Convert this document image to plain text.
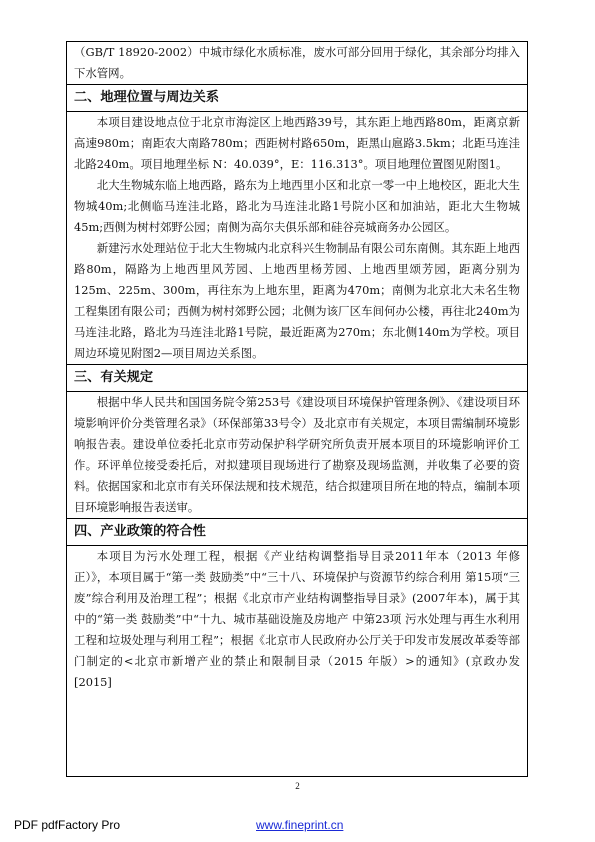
（GB/T 18920-2002）中城市绿化水质标准，废水可部分回用于绿化，其余部分均排入下水管网。

二、地理位置与周边关系

本项目建设地点位于北京市海淀区上地西路39号，其东距上地西路80m，距离京新高速980m；南距农大南路780m；西距树村路650m，距黑山扈路3.5km；北距马连洼北路240m。项目地理坐标 N：40.039°，E：116.313°。项目地理位置图见附图1。

北大生物城东临上地西路，路东为上地西里小区和北京一零一中上地校区，距北大生物城40m;北侧临马连洼北路，路北为马连洼北路1号院小区和加油站，距北大生物城45m;西侧为树村郊野公园；南侧为高尔夫俱乐部和硅谷亮城商务办公园区。

新建污水处理站位于北大生物城内北京科兴生物制品有限公司东南侧。其东距上地西路80m，隔路为上地西里风芳园、上地西里杨芳园、上地西里颂芳园，距离分别为125m、225m、300m，再往东为上地东里，距离为470m；南侧为北京北大未名生物工程集团有限公司；西侧为树村郊野公园；北侧为该厂区车间何办公楼，再往北240m为马连洼北路，路北为马连洼北路1号院，最近距离为270m；东北侧140m为学校。项目周边环境见附图2—项目周边关系图。

三、有关规定

根据中华人民共和国国务院令第253号《建设项目环境保护管理条例》、《建设项目环境影响评价分类管理名录》（环保部第33号令）及北京市有关规定，本项目需编制环境影响报告表。建设单位委托北京市劳动保护科学研究所负责开展本项目的环境影响评价工作。环评单位接受委托后，对拟建项目现场进行了勘察及现场监测，并收集了必要的资料。依据国家和北京市有关环保法规和技术规范，结合拟建项目所在地的特点，编制本项目环境影响报告表送审。

四、产业政策的符合性

本项目为污水处理工程，根据《产业结构调整指导目录2011年本（2013 年修正）》，本项目属于“第一类 鼓励类”中“三十八、环境保护与资源节约综合利用 第15项“三废”综合利用及治理工程”；根据《北京市产业结构调整指导目录》(2007年本)，属于其中的“第一类 鼓励类”中“十九、城市基础设施及房地产 中第23项 污水处理与再生水利用工程和垃圾处理与利用工程”；根据《北京市人民政府办公厅关于印发市发展改革委等部门制定的<北京市新增产业的禁止和限制目录（2015 年版）>的通知》(京政办发[2015]

2
PDF pdfFactory Pro	www.fineprint.cn
